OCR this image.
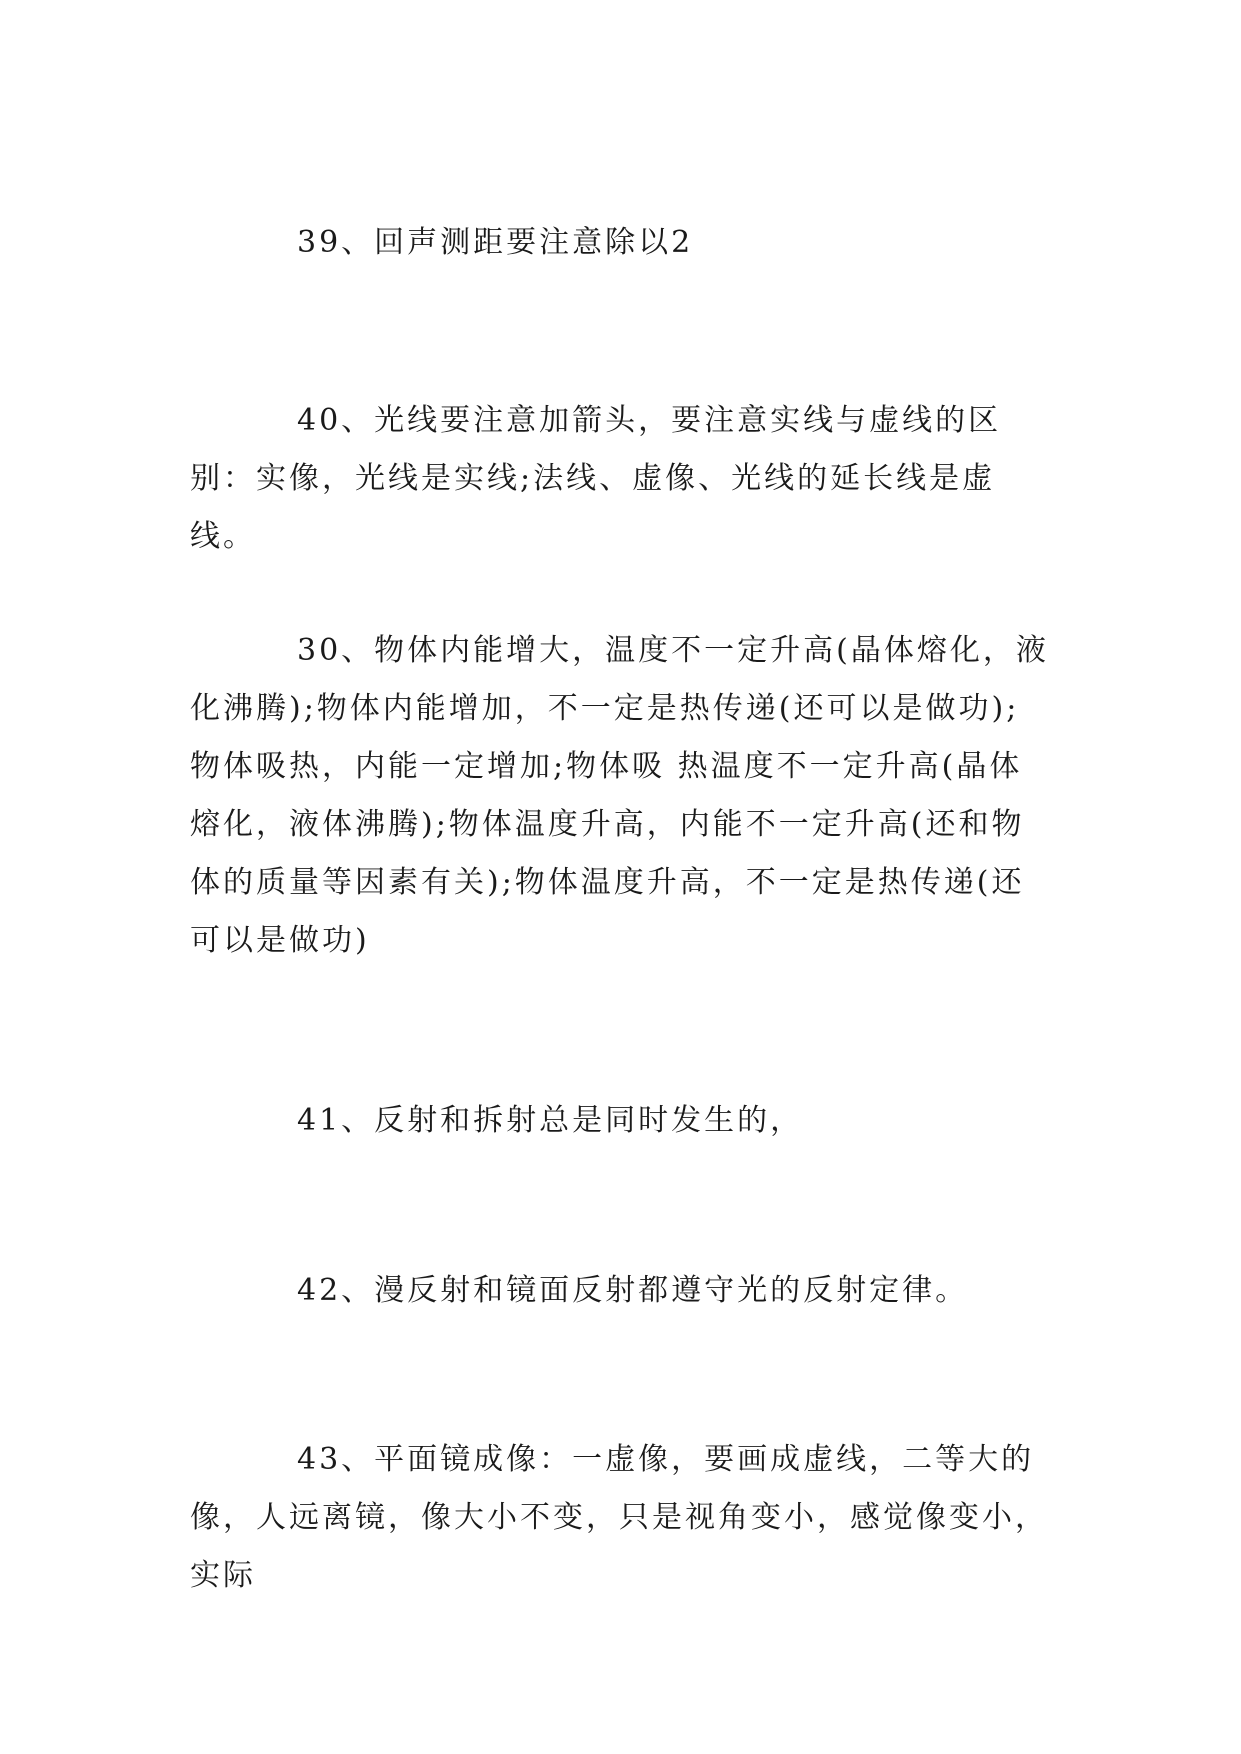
39、回声测距要注意除以2

40、光线要注意加箭头，要注意实线与虚线的区别：实像，光线是实线;法线、虚像、光线的延长线是虚线。

30、物体内能增大，温度不一定升高(晶体熔化，液化沸腾);物体内能增加，不一定是热传递(还可以是做功);物体吸热，内能一定增加;物体吸 热温度不一定升高(晶体熔化，液体沸腾);物体温度升高，内能不一定升高(还和物体的质量等因素有关);物体温度升高，不一定是热传递(还可以是做功)

41、反射和拆射总是同时发生的，

42、漫反射和镜面反射都遵守光的反射定律。

43、平面镜成像：一虚像，要画成虚线，二等大的像，人远离镜，像大小不变，只是视角变小，感觉像变小，实际
